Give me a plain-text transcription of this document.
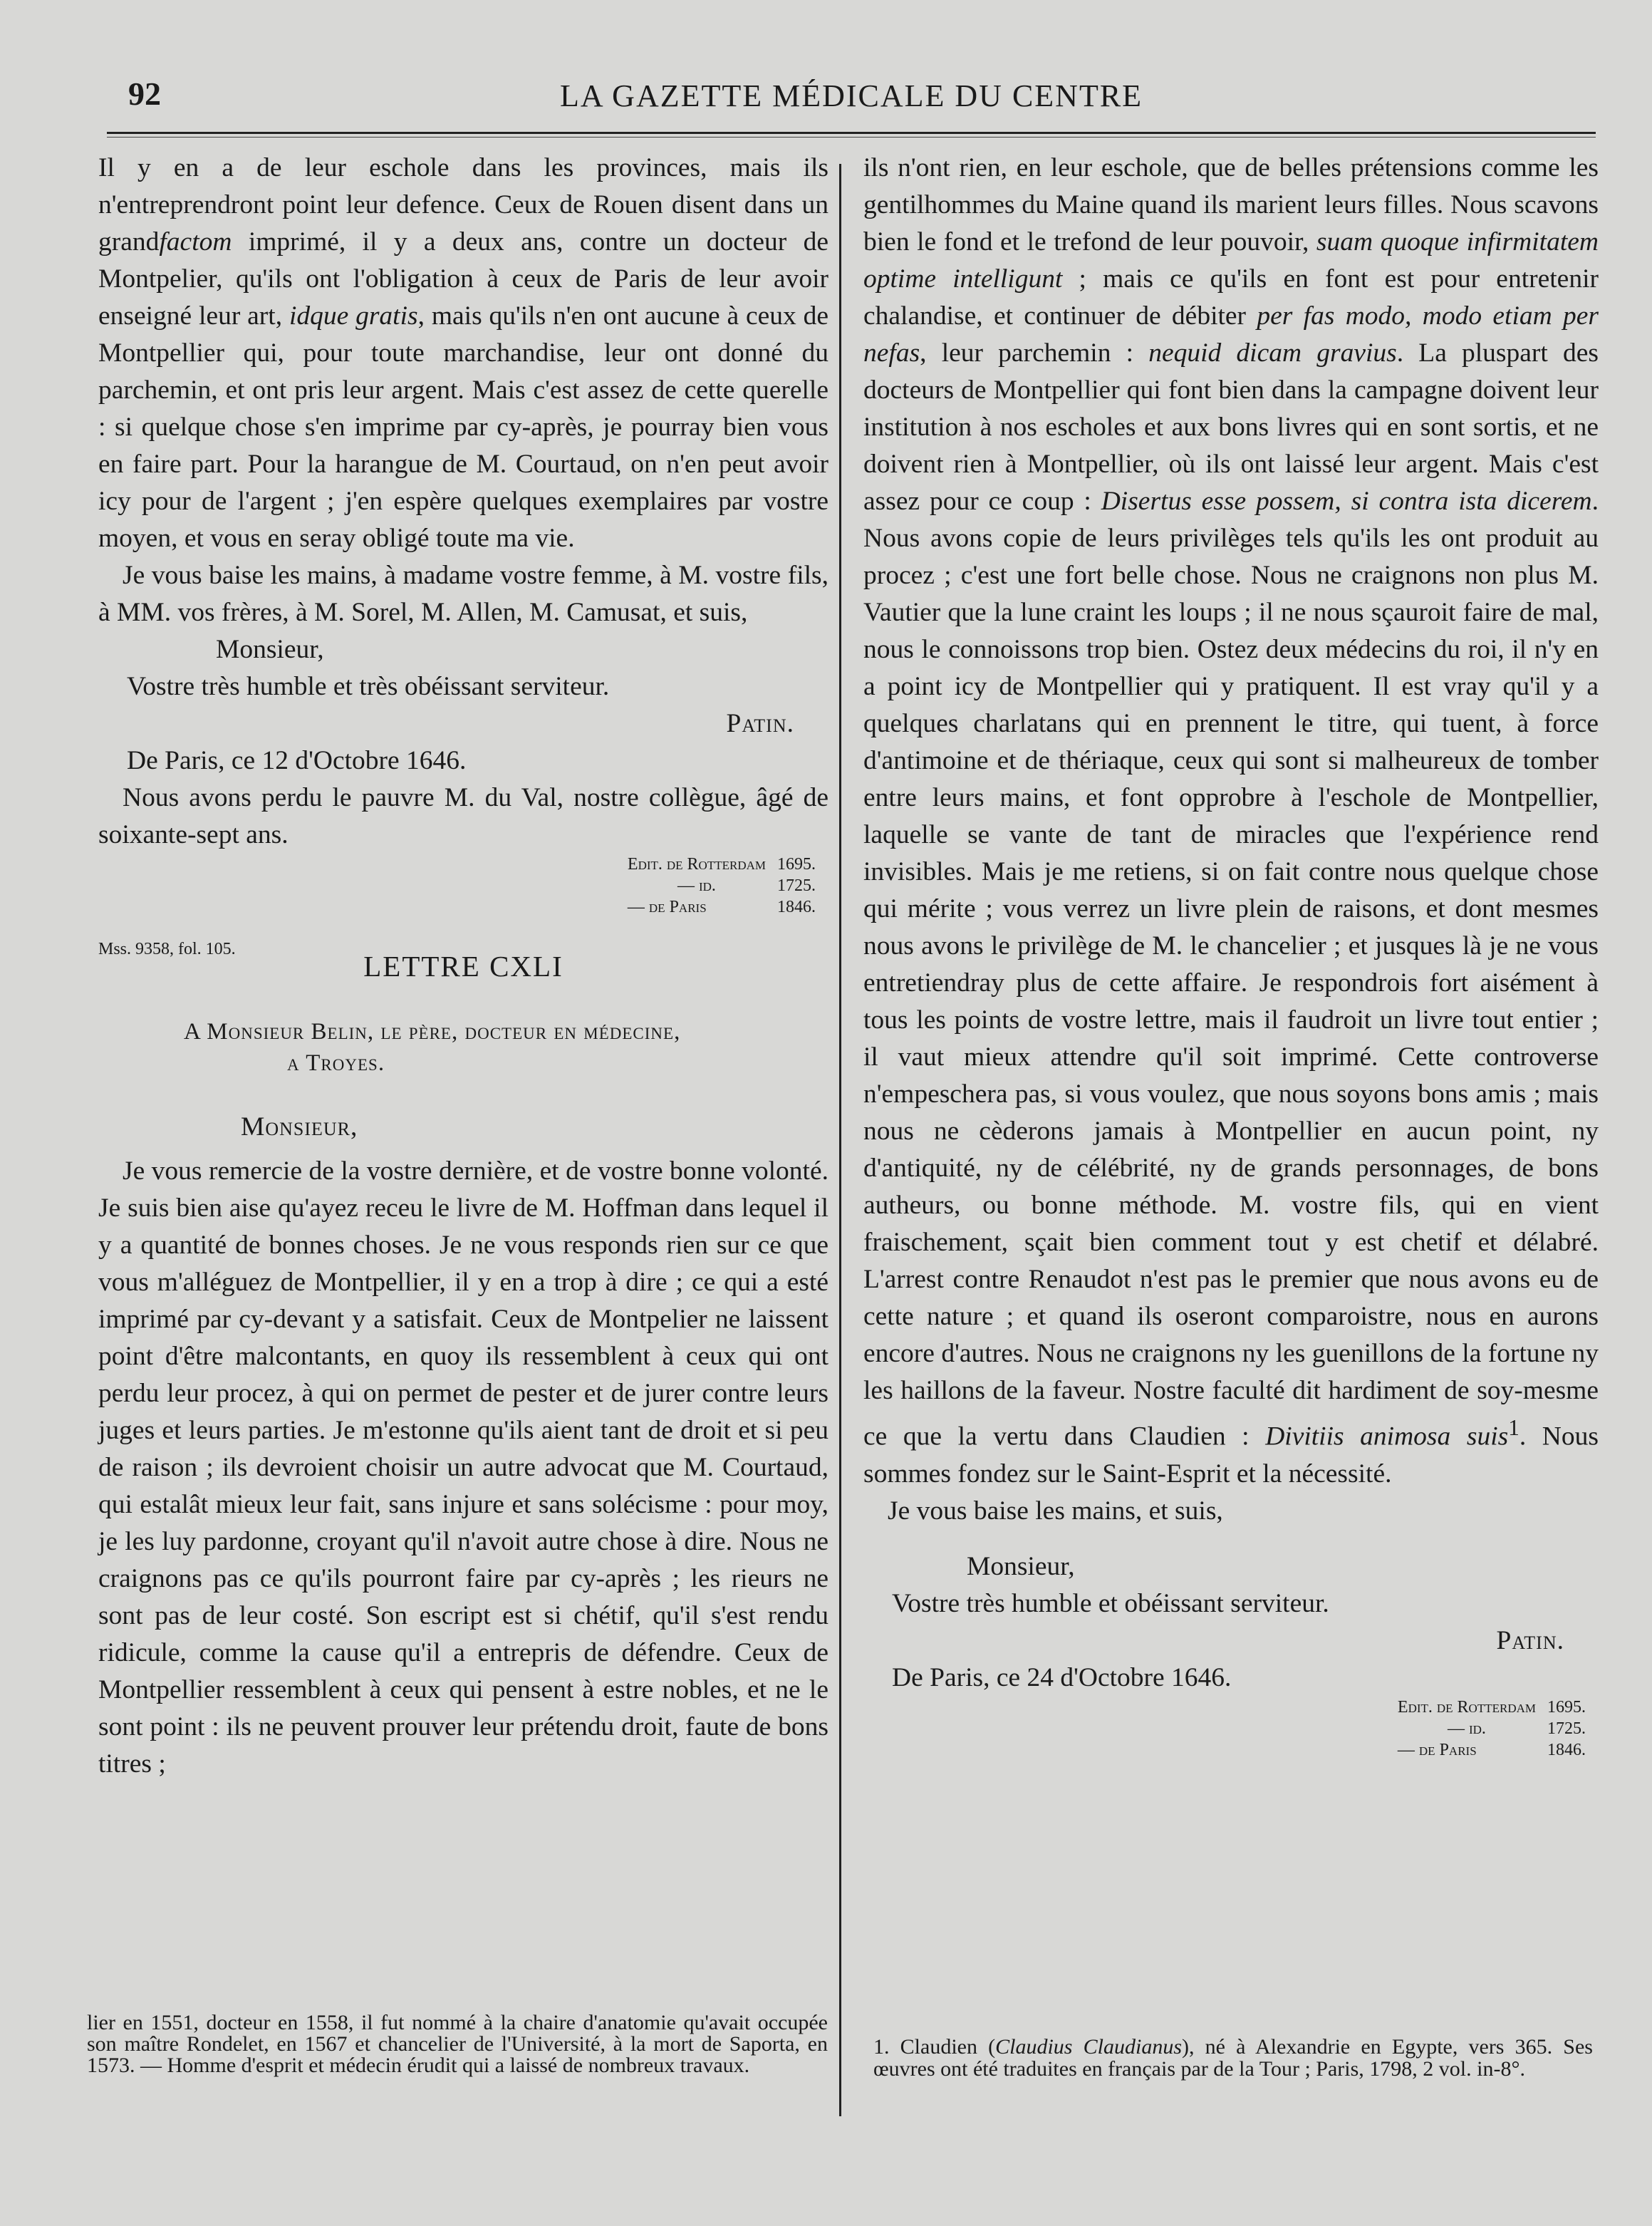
92	LA GAZETTE MÉDICALE DU CENTRE

Il y en a de leur eschole dans les provinces, mais ils n'entreprendront point leur defence. Ceux de Rouen disent dans un grandfactom imprimé, il y a deux ans, contre un docteur de Montpelier, qu'ils ont l'obligation à ceux de Paris de leur avoir enseigné leur art, idque gratis, mais qu'ils n'en ont aucune à ceux de Montpellier qui, pour toute marchandise, leur ont donné du parchemin, et ont pris leur argent. Mais c'est assez de cette querelle : si quelque chose s'en imprime par cy-après, je pourray bien vous en faire part. Pour la harangue de M. Courtaud, on n'en peut avoir icy pour de l'argent ; j'en espère quelques exemplaires par vostre moyen, et vous en seray obligé toute ma vie.

Je vous baise les mains, à madame vostre femme, à M. vostre fils, à MM. vos frères, à M. Sorel, M. Allen, M. Camusat, et suis,

Monsieur,

Vostre très humble et très obéissant serviteur.

Patin.

De Paris, ce 12 d'Octobre 1646.

Nous avons perdu le pauvre M. du Val, nostre collègue, âgé de soixante-sept ans.

Edit. de Rotterdam	1695.
— id.	1725.
— de Paris	1846.
Mss. 9358, fol. 105.
LETTRE CXLI
A Monsieur Belin, le père, docteur en médecine,
a Troyes.
Monsieur,

Je vous remercie de la vostre dernière, et de vostre bonne volonté. Je suis bien aise qu'ayez receu le livre de M. Hoffman dans lequel il y a quantité de bonnes choses. Je ne vous responds rien sur ce que vous m'alléguez de Montpellier, il y en a trop à dire ; ce qui a esté imprimé par cy-devant y a satisfait. Ceux de Montpelier ne laissent point d'être malcontants, en quoy ils ressemblent à ceux qui ont perdu leur procez, à qui on permet de pester et de jurer contre leurs juges et leurs parties. Je m'estonne qu'ils aient tant de droit et si peu de raison ; ils devroient choisir un autre advocat que M. Courtaud, qui estalât mieux leur fait, sans injure et sans solécisme : pour moy, je les luy pardonne, croyant qu'il n'avoit autre chose à dire. Nous ne craignons pas ce qu'ils pourront faire par cy-après ; les rieurs ne sont pas de leur costé. Son escript est si chétif, qu'il s'est rendu ridicule, comme la cause qu'il a entrepris de défendre. Ceux de Montpellier ressemblent à ceux qui pensent à estre nobles, et ne le sont point : ils ne peuvent prouver leur prétendu droit, faute de bons titres ;

lier en 1551, docteur en 1558, il fut nommé à la chaire d'anatomie qu'avait occupée son maître Rondelet, en 1567 et chancelier de l'Université, à la mort de Saporta, en 1573. — Homme d'esprit et médecin érudit qui a laissé de nombreux travaux.

ils n'ont rien, en leur eschole, que de belles prétensions comme les gentilhommes du Maine quand ils marient leurs filles. Nous scavons bien le fond et le trefond de leur pouvoir, suam quoque infirmitatem optime intelligunt ; mais ce qu'ils en font est pour entretenir chalandise, et continuer de débiter per fas modo, modo etiam per nefas, leur parchemin : nequid dicam gravius. La pluspart des docteurs de Montpellier qui font bien dans la campagne doivent leur institution à nos escholes et aux bons livres qui en sont sortis, et ne doivent rien à Montpellier, où ils ont laissé leur argent. Mais c'est assez pour ce coup : Disertus esse possem, si contra ista dicerem. Nous avons copie de leurs privilèges tels qu'ils les ont produit au procez ; c'est une fort belle chose. Nous ne craignons non plus M. Vautier que la lune craint les loups ; il ne nous sçauroit faire de mal, nous le connoissons trop bien. Ostez deux médecins du roi, il n'y en a point icy de Montpellier qui y pratiquent. Il est vray qu'il y a quelques charlatans qui en prennent le titre, qui tuent, à force d'antimoine et de thériaque, ceux qui sont si malheureux de tomber entre leurs mains, et font opprobre à l'eschole de Montpellier, laquelle se vante de tant de miracles que l'expérience rend invisibles. Mais je me retiens, si on fait contre nous quelque chose qui mérite ; vous verrez un livre plein de raisons, et dont mesmes nous avons le privilège de M. le chancelier ; et jusques là je ne vous entretiendray plus de cette affaire. Je respondrois fort aisément à tous les points de vostre lettre, mais il faudroit un livre tout entier ; il vaut mieux attendre qu'il soit imprimé. Cette controverse n'empeschera pas, si vous voulez, que nous soyons bons amis ; mais nous ne cèderons jamais à Montpellier en aucun point, ny d'antiquité, ny de célébrité, ny de grands personnages, de bons autheurs, ou bonne méthode. M. vostre fils, qui en vient fraischement, sçait bien comment tout y est chetif et délabré. L'arrest contre Renaudot n'est pas le premier que nous avons eu de cette nature ; et quand ils oseront comparoistre, nous en aurons encore d'autres. Nous ne craignons ny les guenillons de la fortune ny les haillons de la faveur. Nostre faculté dit hardiment de soy-mesme ce que la vertu dans Claudien : Divitiis animosa suis$^1$. Nous sommes fondez sur le Saint-Esprit et la nécessité.

Je vous baise les mains, et suis,

Monsieur,

Vostre très humble et obéissant serviteur.

Patin.

De Paris, ce 24 d'Octobre 1646.

Edit. de Rotterdam	1695.
— id.	1725.
— de Paris	1846.
1. Claudien (Claudius Claudianus), né à Alexandrie en Egypte, vers 365. Ses œuvres ont été traduites en français par de la Tour ; Paris, 1798, 2 vol. in-8°.
